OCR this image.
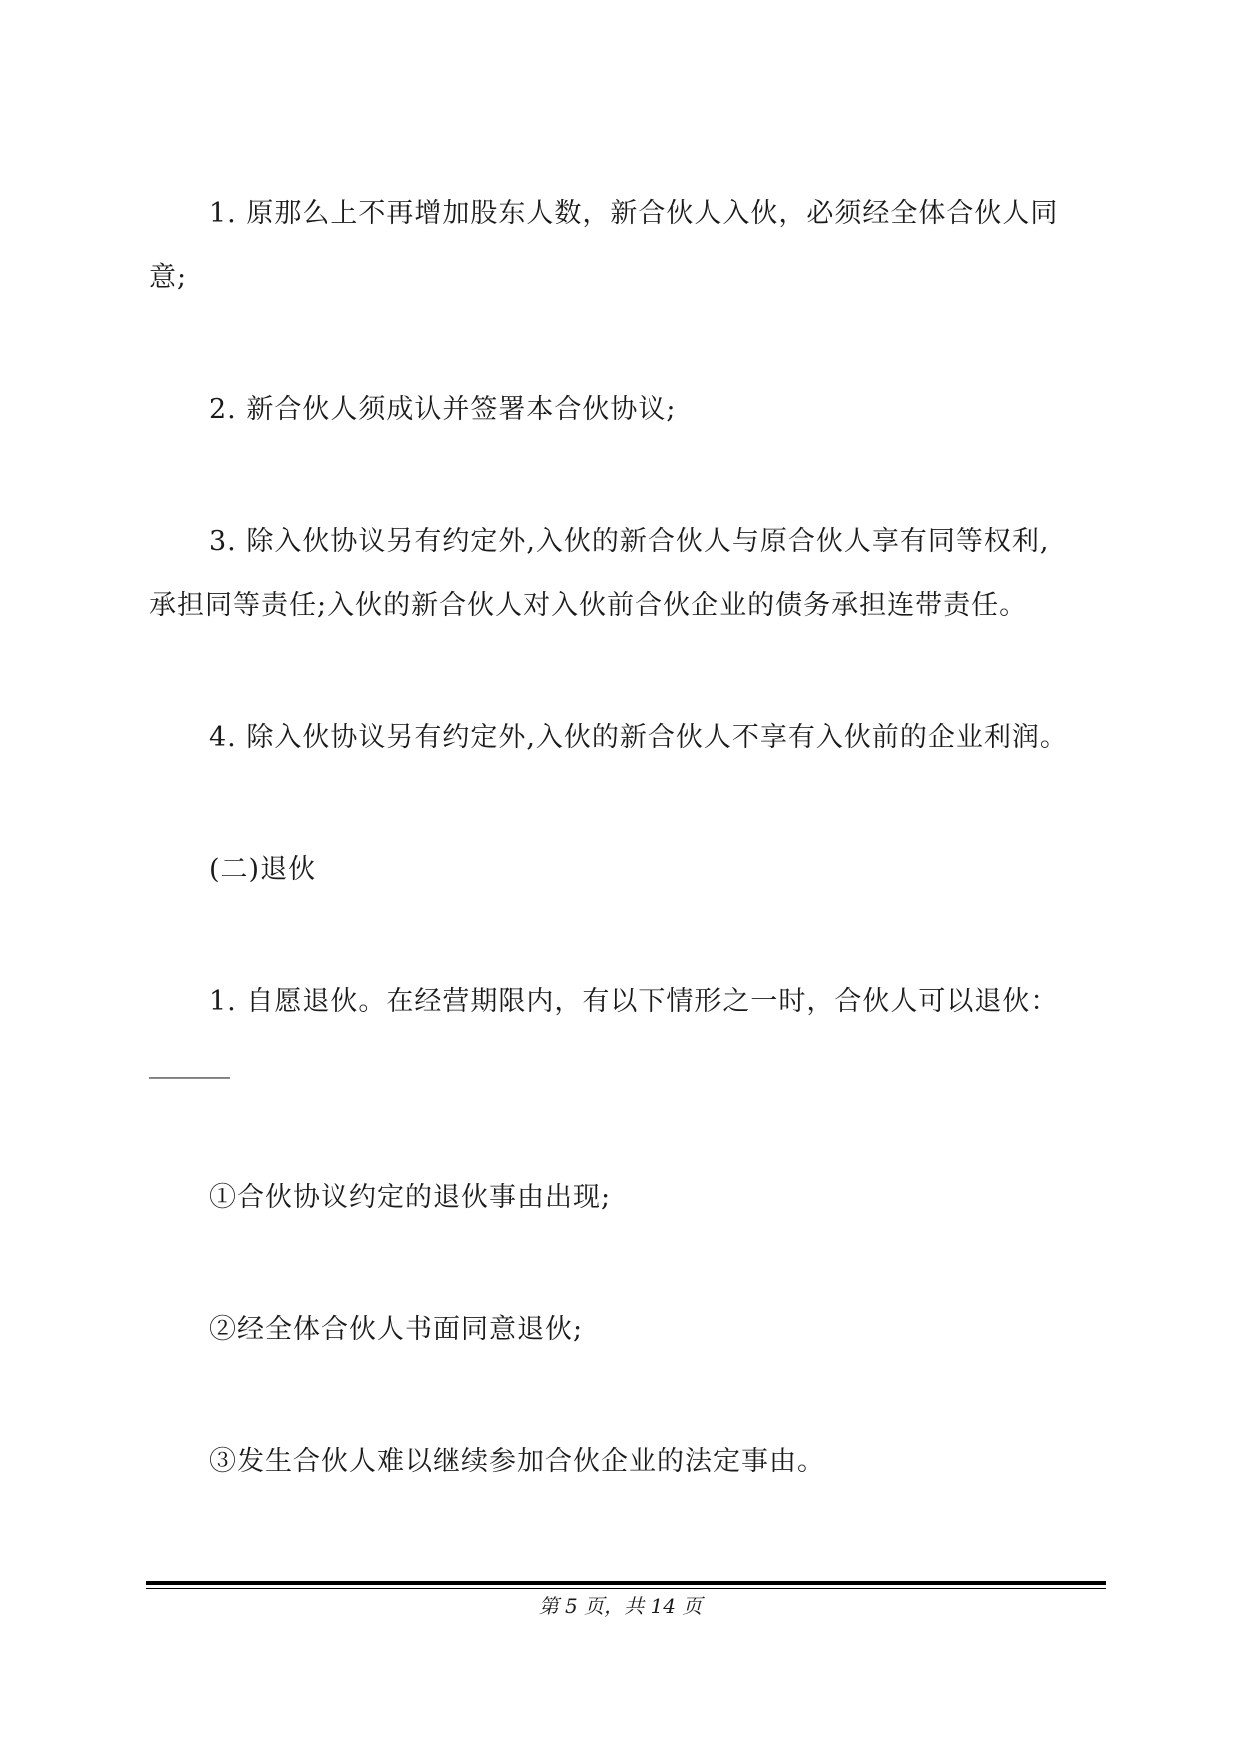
1. 原那么上不再增加股东人数，新合伙人入伙，必须经全体合伙人同

意;

2. 新合伙人须成认并签署本合伙协议;

3. 除入伙协议另有约定外,入伙的新合伙人与原合伙人享有同等权利,

承担同等责任;入伙的新合伙人对入伙前合伙企业的债务承担连带责任。

4. 除入伙协议另有约定外,入伙的新合伙人不享有入伙前的企业利润。

(二)退伙

1. 自愿退伙。在经营期限内，有以下情形之一时，合伙人可以退伙：

______

①合伙协议约定的退伙事由出现;

②经全体合伙人书面同意退伙;

③发生合伙人难以继续参加合伙企业的法定事由。

第 5 页，共 14 页
